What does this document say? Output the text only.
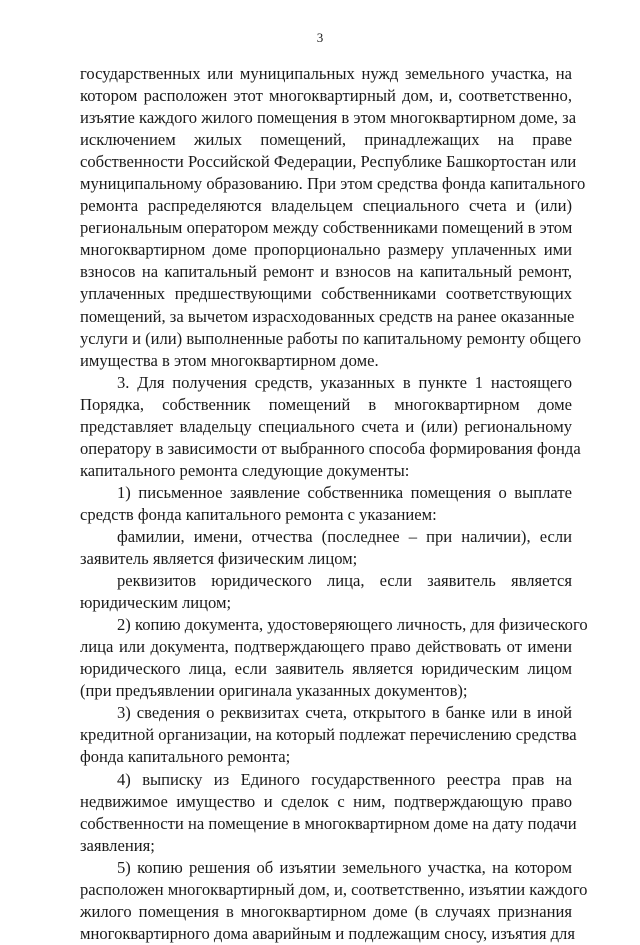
3
государственных или муниципальных нужд земельного участка, на
котором расположен этот многоквартирный дом, и, соответственно,
изъятие каждого жилого помещения в этом многоквартирном доме, за
исключением жилых помещений, принадлежащих на праве
собственности Российской Федерации, Республике Башкортостан или
муниципальному образованию. При этом средства фонда капитального
ремонта распределяются владельцем специального счета и (или)
региональным оператором между собственниками помещений в этом
многоквартирном доме пропорционально размеру уплаченных ими
взносов на капитальный ремонт и взносов на капитальный ремонт,
уплаченных предшествующими собственниками соответствующих
помещений, за вычетом израсходованных средств на ранее оказанные
услуги и (или) выполненные работы по капитальному ремонту общего
имущества в этом многоквартирном доме.
3. Для получения средств, указанных в пункте 1 настоящего
Порядка, собственник помещений в многоквартирном доме
представляет владельцу специального счета и (или) региональному
оператору в зависимости от выбранного способа формирования фонда
капитального ремонта следующие документы:
1) письменное заявление собственника помещения о выплате
средств фонда капитального ремонта с указанием:
фамилии, имени, отчества (последнее – при наличии), если
заявитель является физическим лицом;
реквизитов юридического лица, если заявитель является
юридическим лицом;
2) копию документа, удостоверяющего личность, для физического
лица или документа, подтверждающего право действовать от имени
юридического лица, если заявитель является юридическим лицом
(при предъявлении оригинала указанных документов);
3) сведения о реквизитах счета, открытого в банке или в иной
кредитной организации, на который подлежат перечислению средства
фонда капитального ремонта;
4) выписку из Единого государственного реестра прав на
недвижимое имущество и сделок с ним, подтверждающую право
собственности на помещение в многоквартирном доме на дату подачи
заявления;
5) копию решения об изъятии земельного участка, на котором
расположен многоквартирный дом, и, соответственно, изъятии каждого
жилого помещения в многоквартирном доме (в случаях признания
многоквартирного дома аварийным и подлежащим сносу, изъятия для
